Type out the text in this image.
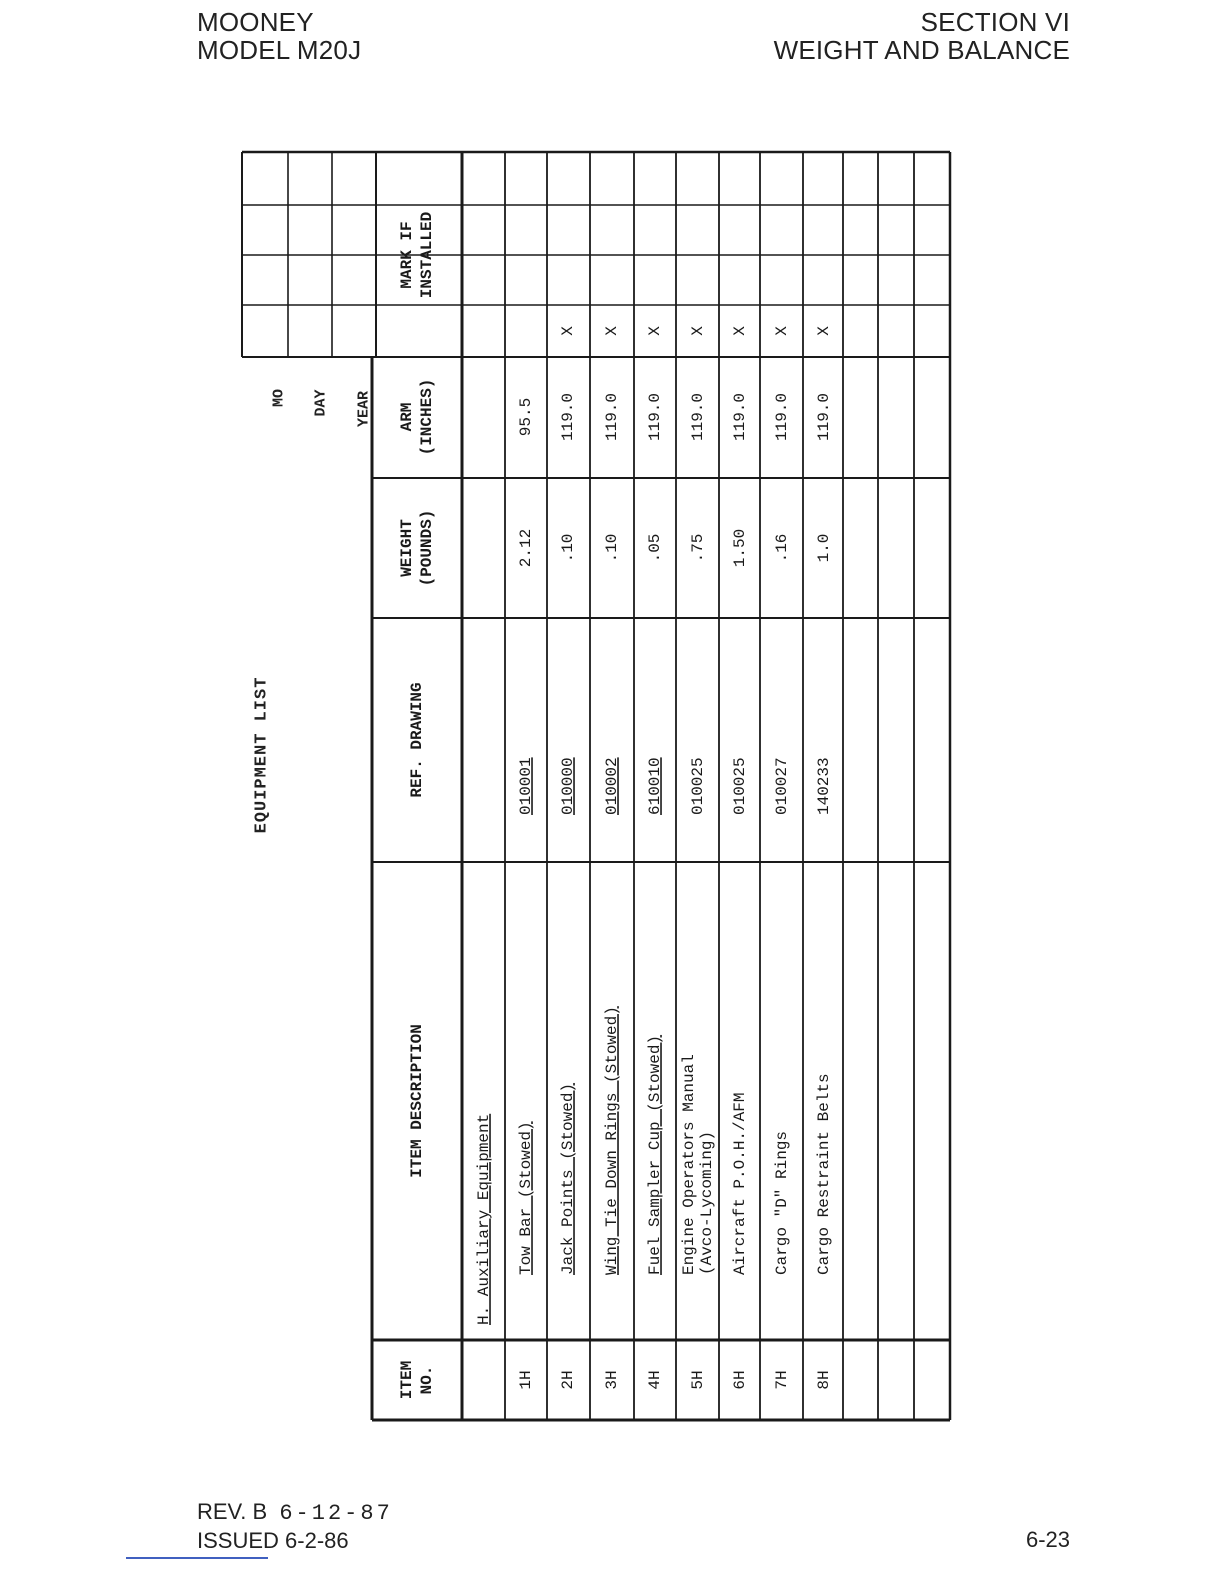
MOONEY
MODEL M20J
SECTION VI
WEIGHT AND BALANCE
EQUIPMENT LIST
MO DAY YEAR
ITEM NO.
ITEM DESCRIPTION
REF. DRAWING
WEIGHT (POUNDS)
ARM (INCHES)
MARK IF INSTALLED
H. Auxiliary Equipment
1H
Tow Bar (Stowed)
010001
2.12
95.5
2H
Jack Points (Stowed)
010000
.10
119.0
X
3H
Wing Tie Down Rings (Stowed)
010002
.10
119.0
X
4H
Fuel Sampler Cup (Stowed)
610010
.05
119.0
X
5H
Engine Operators Manual (Avco-Lycoming)
010025
.75
119.0
X
6H
Aircraft P.O.H./AFM
010025
1.50
119.0
X
7H
Cargo "D" Rings
010027
.16
119.0
X
8H
Cargo Restraint Belts
140233
1.0
119.0
X
REV. B 6-12-87
ISSUED 6-2-86	6-23
